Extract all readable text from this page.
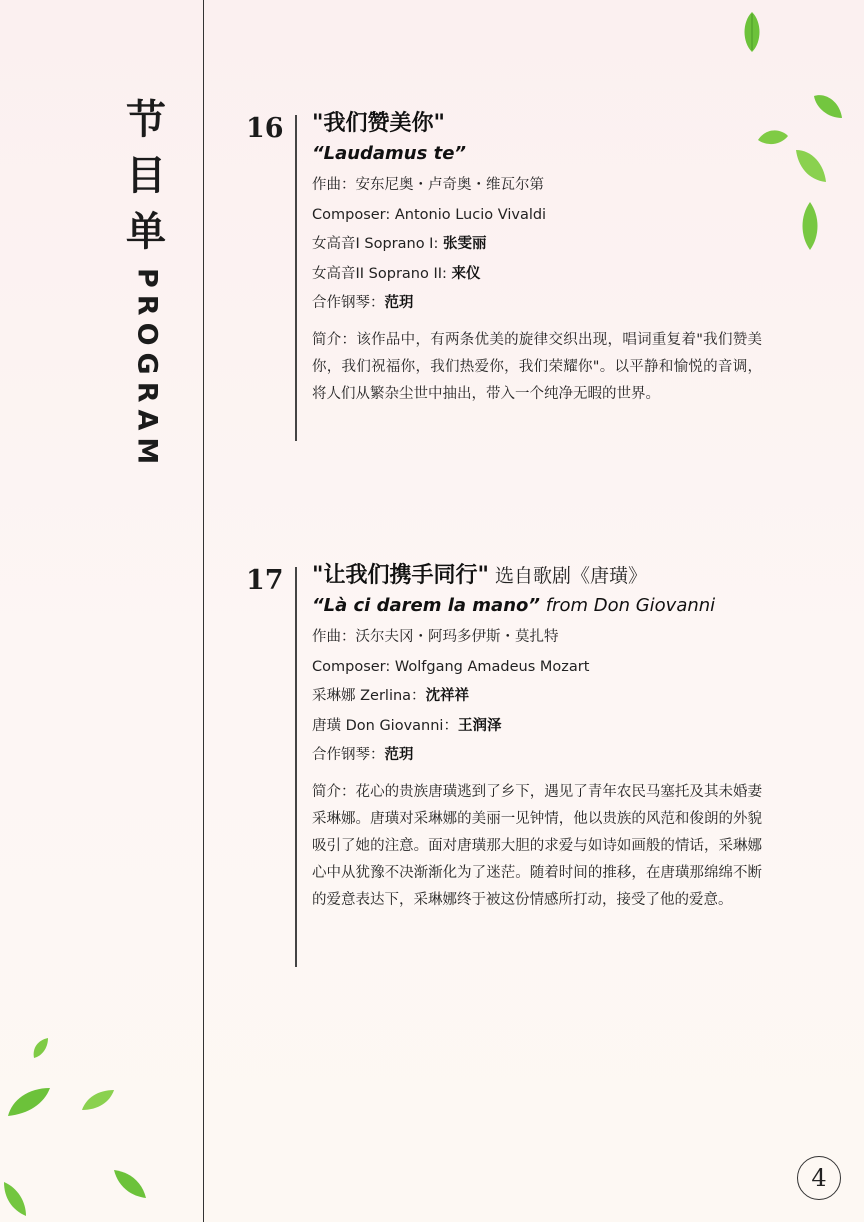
节
目
单
PROGRAM
16 "我们赞美你"
“Laudamus te”
作曲：安东尼奥・卢奇奥・维瓦尔第
Composer: Antonio Lucio Vivaldi
女高音I Soprano I: 张雯丽
女高音II Soprano II: 来仪
合作钢琴：范玥
简介：该作品中，有两条优美的旋律交织出现，唱词重复着"我们赞美你，我们祝福你，我们热爱你，我们荣耀你"。以平静和愉悦的音调，将人们从繁杂尘世中抽出，带入一个纯净无暇的世界。
17 "让我们携手同行" 选自歌剧《唐璜》
“Là ci darem la mano” from Don Giovanni
作曲：沃尔夫冈・阿玛多伊斯・莫扎特
Composer: Wolfgang Amadeus Mozart
采琳娜 Zerlina：沈祥祥
唐璜 Don Giovanni：王润泽
合作钢琴：范玥
简介：花心的贵族唐璜逃到了乡下，遇见了青年农民马塞托及其未婚妻采琳娜。唐璜对采琳娜的美丽一见钟情，他以贵族的风范和俊朗的外貌吸引了她的注意。面对唐璜那大胆的求爱与如诗如画般的情话，采琳娜心中从犹豫不决渐渐化为了迷茫。随着时间的推移，在唐璜那绵绵不断的爱意表达下，采琳娜终于被这份情感所打动，接受了他的爱意。
4
